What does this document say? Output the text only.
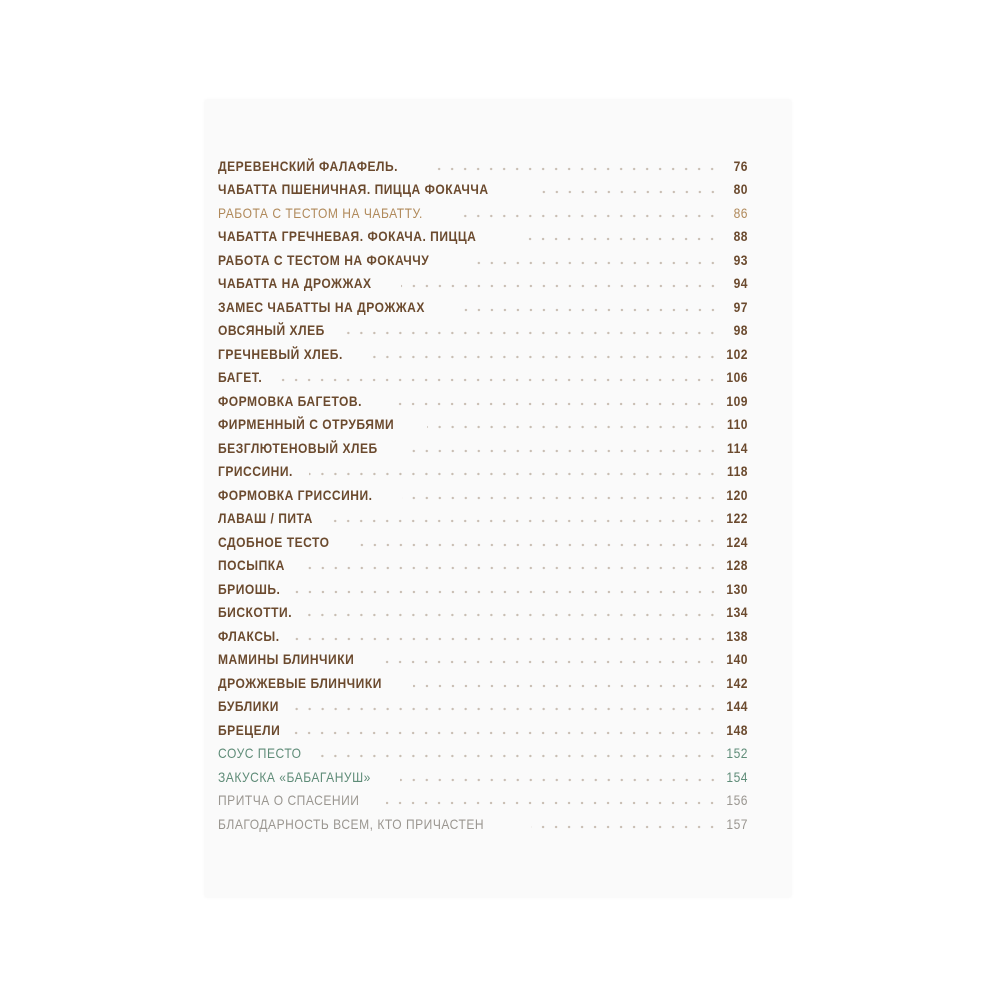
ДЕРЕВЕНСКИЙ ФАЛАФЕЛЬ.	76
ЧАБАТТА ПШЕНИЧНАЯ. ПИЦЦА ФОКАЧЧА	80
РАБОТА С ТЕСТОМ НА ЧАБАТТУ.	86
ЧАБАТТА ГРЕЧНЕВАЯ. ФОКАЧА. ПИЦЦА	88
РАБОТА С ТЕСТОМ НА ФОКАЧЧУ	93
ЧАБАТТА НА ДРОЖЖАХ	94
ЗАМЕС ЧАБАТТЫ НА ДРОЖЖАХ	97
ОВСЯНЫЙ ХЛЕБ	98
ГРЕЧНЕВЫЙ ХЛЕБ.	102
БАГЕТ.	106
ФОРМОВКА БАГЕТОВ.	109
ФИРМЕННЫЙ С ОТРУБЯМИ	110
БЕЗГЛЮТЕНОВЫЙ ХЛЕБ	114
ГРИССИНИ.	118
ФОРМОВКА ГРИССИНИ.	120
ЛАВАШ / ПИТА	122
СДОБНОЕ ТЕСТО	124
ПОСЫПКА	128
БРИОШЬ.	130
БИСКОТТИ.	134
ФЛАКСЫ.	138
МАМИНЫ БЛИНЧИКИ	140
ДРОЖЖЕВЫЕ БЛИНЧИКИ	142
БУБЛИКИ	144
БРЕЦЕЛИ	148
СОУС ПЕСТО	152
ЗАКУСКА «БАБАГАНУШ»	154
ПРИТЧА О СПАСЕНИИ	156
БЛАГОДАРНОСТЬ ВСЕМ, КТО ПРИЧАСТЕН	157
